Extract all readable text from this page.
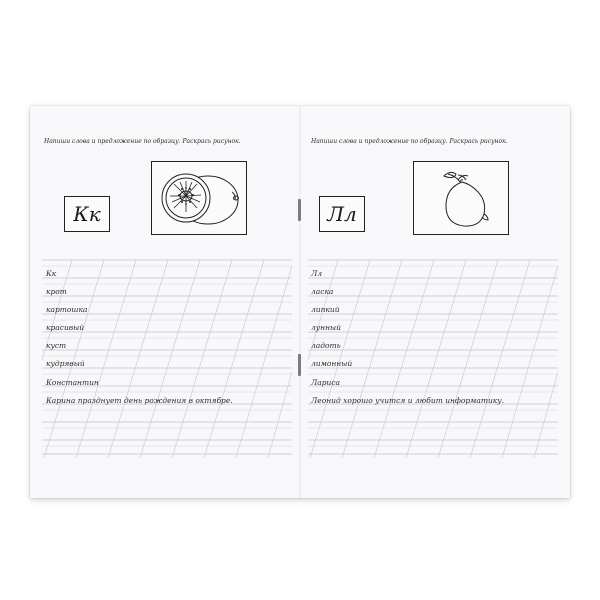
Напиши слова и предложение по образцу. Раскрась рисунок.
Кк
Кк
крот
картошка
красивый
куст
кудрявый
Константин
Карина празднует день рождения в октябре.
Напиши слова и предложение по образцу. Раскрась рисунок.
Лл
Лл
ласка
липкий
лунный
ладоть
лимонный
Лариса
Леонид хорошо учится и любит информатику.
